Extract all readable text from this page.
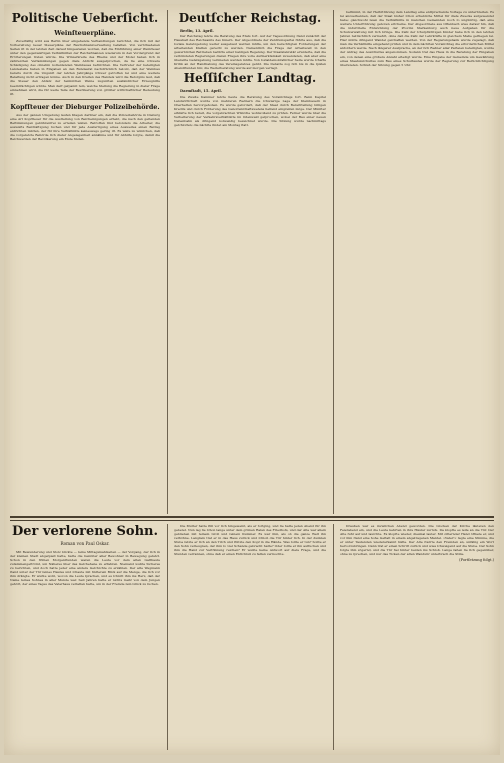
Politische Ueberſicht.
Weinſteuerpläne.

Zuverläſſig wird aus Berlin über eingehende Verhandlungen berichtet, die ſich mit der Vorbereitung neuer Steuerpläne der Reichsfinanzverwaltung befaſſen. Von verſchiedenen Seiten iſt in der letzten Zeit darauf hingewieſen worden, daß die Einführung einer Weinſteuer unter den gegenwärtigen Verhältniſſen der Reichsfinanzen wiederum in den Vordergrund der Erörterungen treten würde. Die Winzerkreiſe des Rheins und der Moſel haben ſich in zahlreichen Verſammlungen gegen dieſe Abſicht ausgeſprochen, da ſie eine ſchwere Schädigung des ohnehin notleidenden Weinbaues befürchten. Die Vertreter der beteiligten Landesteile haben in Eingaben an den Bundesrat nachdrücklich betont, daß der Weinbau bereits durch die Ungunſt der letzten Jahrgänge ſchwer getroffen ſei und eine weitere Belaſtung nicht ertragen könne. Auch in den Kreiſen des Handels wird die Beſorgnis laut, daß die Steuer den Abſatz der heimiſchen Weine zugunſten ausländiſcher Erzeugniſſe beeinträchtigen würde. Man darf geſpannt ſein, welche Stellung die Regierung in dieſer Frage einnehmen wird, die für weite Teile der Bevölkerung von größter wirtſchaftlicher Bedeutung iſt.

Kopfſteuer der Dieburger Polizeibehörde.

Aus der ganzen Umgebung laufen Klagen darüber ein, daß die Polizeibehörde in Dieburg eine Art Kopfſteuer für die Ausſtellung von Beſcheinigungen erhebt, die nach den geltenden Beſtimmungen gebührenfrei zu erteilen wären. Betroffen ſind beſonders die Arbeiter, die auswärts Beſchäftigung ſuchen und für jede Ausfertigung eines Ausweiſes einen Betrag entrichten müſſen, der für ihre Verhältniſſe keineswegs gering iſt. Es wäre zu wünſchen, daß die vorgeſetzte Behörde ſich dieſer Angelegenheit annähme und für Abhilfe ſorgte, damit die Beſchwerden der Bevölkerung ein Ende finden.

Deutſcher Reichstag.

Berlin, 13. April.

Der Reichstag ſetzte die Beratung des Etats fort. Auf der Tagesordnung ſtand zunächſt der Haushalt des Reichsamts des Innern. Der Abgeordnete der Zentrumspartei führte aus, daß die ſoziale Geſetzgebung weiter ausgebaut werden müſſe, um den berechtigten Forderungen der arbeitenden Klaſſen gerecht zu werden. Namentlich die Frage der Arbeitszeit in den gewerblichen Betrieben bedürfe einer baldigen Regelung. Der Staatsſekretär erwiderte, daß die verbündeten Regierungen dieſen Fragen ihre volle Aufmerkſamkeit zuwendeten, daß aber eine übereilte Geſetzgebung vermieden werden müſſe. Von ſozialdemokratiſcher Seite wurde ſcharfe Kritik an der Handhabung des Vereinsgeſetzes geübt. Die Debatte zog ſich bis in die ſpäten Abendſtunden hin; die Weiterberatung wurde auf morgen vertagt.

Heſſiſcher Landtag.

Darmſtadt, 15. April.

Die Zweite Kammer ſetzte heute die Beratung des Voranſchlags fort. Beim Kapitel Landwirtſchaft wurde von mehreren Rednern die ſchwierige Lage der Kleinbauern in Oberheſſen hervorgehoben. Es wurde gefordert, daß der Staat durch Bereitſtellung billigen Kredits und durch Förderung des Genoſſenſchaftsweſens helfend eingreifen möge. Der Miniſter erklärte ſich bereit, die vorgebrachten Wünſche wohlwollend zu prüfen. Ferner wurde über die Verbeſſerung der Verkehrsverhältniſſe im Odenwald geſprochen, wobei der Bau einer neuen Nebenbahn als dringend notwendig bezeichnet wurde. Die Sitzung wurde nachmittags geſchloſſen; die nächſte findet am Montag ſtatt.

beſtimmt, in der Herbſtſitzung dem Landtag eine entſprechende Vorlage zu unterbreiten. Es ſei anzuerkennen, daß der Staat bisher ſchon erhebliche Mittel für dieſe Zwecke aufgewendet habe; gleichwohl ſeien die Verhältniſſe in manchen Gemeinden noch ſo ungünſtig, daß eine weitere Unterſtützung geboten erſcheine. Der Abgeordnete aus Offenbach wies darauf hin, daß die induſtrielle Entwicklung der Provinz Starkenburg auch neue Aufgaben für die Schulverwaltung mit ſich bringe. Die Zahl der ſchulpflichtigen Kinder habe ſich in den letzten Jahren beträchtlich vermehrt, ohne daß die Zahl der Lehrkräfte in gleichem Maße geſtiegen ſei. Hier müſſe dringend Wandel geſchaffen werden. Von der Regierungsbank wurde zugeſagt, daß man die Verhältniſſe eingehend prüfen und in dem nächſten Voranſchlag die erforderlichen Mittel anfordern werde. Nach längerer Ausſprache, an der ſich Redner aller Parteien beteiligten, wurde der Antrag des Ausſchuſſes angenommen. Sodann trat das Haus in die Beratung der Eingaben ein, von denen eine größere Anzahl erledigt wurde. Eine Eingabe der Gemeinde um Gewährung eines Staatszuſchuſſes zum Bau eines Schulhauſes wurde der Regierung zur Berückſichtigung überwieſen. Schluß der Sitzung gegen 5 Uhr.

Der verlorene Sohn.
Roman von Paul Oskar.

Mit Bewunderung und Stolz blickte — ſeine Mittagsmahlzeiten — der Vorgang, der ſich in der kleinen Stadt abgeſpielt hatte, hatte die Gemüter aller Bewohner in Bewegung geſetzt. Schon in den frühen Morgenſtunden waren die Leute vor dem alten Gaſthauſe zuſammengeſtrömt, um Näheres über das Geſchehene zu erfahren. Niemand wußte Sicheres zu berichten, und doch hatte jeder eine andere Geſchichte zu erzählen. Der alte Wegmann ſtand unter der Tür ſeines Hauſes und ſchaute mit finſterem Blick auf die Menge, die ſich vor ihm drängte. Er wußte wohl, wovon die Leute ſprachen, und es ſchnitt ihm ins Herz, daß der Name ſeines Sohnes in aller Munde war. Seit Jahren hatte er nichts mehr von dem Jungen gehört, der eines Tages das Vaterhaus verlaſſen hatte, um in der Fremde ſein Glück zu ſuchen.

Die Mutter hatte ſtill vor ſich hingeweint, als er fortging, und ſie hatte jeden Abend für ihn gebetet. Nun lag ſie ſchon lange unter dem grünen Raſen des Friedhofs, und der Alte war allein geblieben mit ſeinem Groll und ſeinem Kummer. Es war ihm, als ob die ganze Welt ihn verhöhne. Langſam trat er in das Haus zurück und ſchloß die Tür hinter ſich. In der dunklen Stube ſetzte er ſich an den Tiſch und ſtützte den Kopf in die Hände. Was ſollte er tun? Sollte er den Sohn verleugnen, der ihm ſo viel Schande gebracht hatte? Oder ſollte er ihn aufſuchen und ihm die Hand zur Verſöhnung reichen? Er wußte keine Antwort auf dieſe Frage, und die Stunden verrannen, ohne daß er einen Entſchluß zu faſſen vermochte.

Draußen war es inzwiſchen Abend geworden. Die Glocken der Kirche läuteten den Feierabend ein, und die Leute kehrten in ihre Häuſer zurück. Da klopfte es leiſe an die Tür. Der Alte fuhr auf und lauſchte. Es klopfte wieder, diesmal lauter. Mit zitternder Hand öffnete er, und vor ihm ſtand eine hohe Geſtalt in einem abgetragenen Mantel. »Vater!« ſagte eine Stimme, die er unter Tauſenden wiedererkannt hätte. Der Alte ſtarrte den Fremden an, unfähig ein Wort hervorzubringen. Dann trat er einen Schritt zurück und wies ſchweigend auf die Stube. Der Sohn folgte ihm zögernd, und die Tür fiel hinter beiden ins Schloß. Lange ſaßen ſie ſich gegenüber, ohne zu ſprechen, und nur das Ticken der alten Wanduhr unterbrach die Stille.

(Fortſetzung folgt.)
